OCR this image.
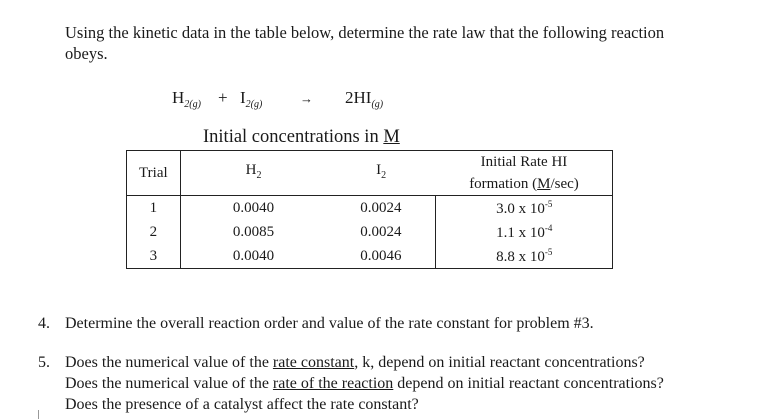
Using the kinetic data in the table below, determine the rate law that the following reaction obeys.
$H_{2(g)} + I_{2(g)}$	→ $2HI_{(g)}$
Initial concentrations in M
Trial	$H_2$	$I_2$	Initial Rate HI
formation (M/sec)
1	0.0040	0.0024	3.0 x $10^{-5}$
2	0.0085	0.0024	1.1 x $10^{-4}$
3	0.0040	0.0046	8.8 x $10^{-5}$
4. Determine the overall reaction order and value of the rate constant for problem #3.
5. Does the numerical value of the rate constant, k, depend on initial reactant concentrations?
Does the numerical value of the rate of the reaction depend on initial reactant concentrations?
Does the presence of a catalyst affect the rate constant?
